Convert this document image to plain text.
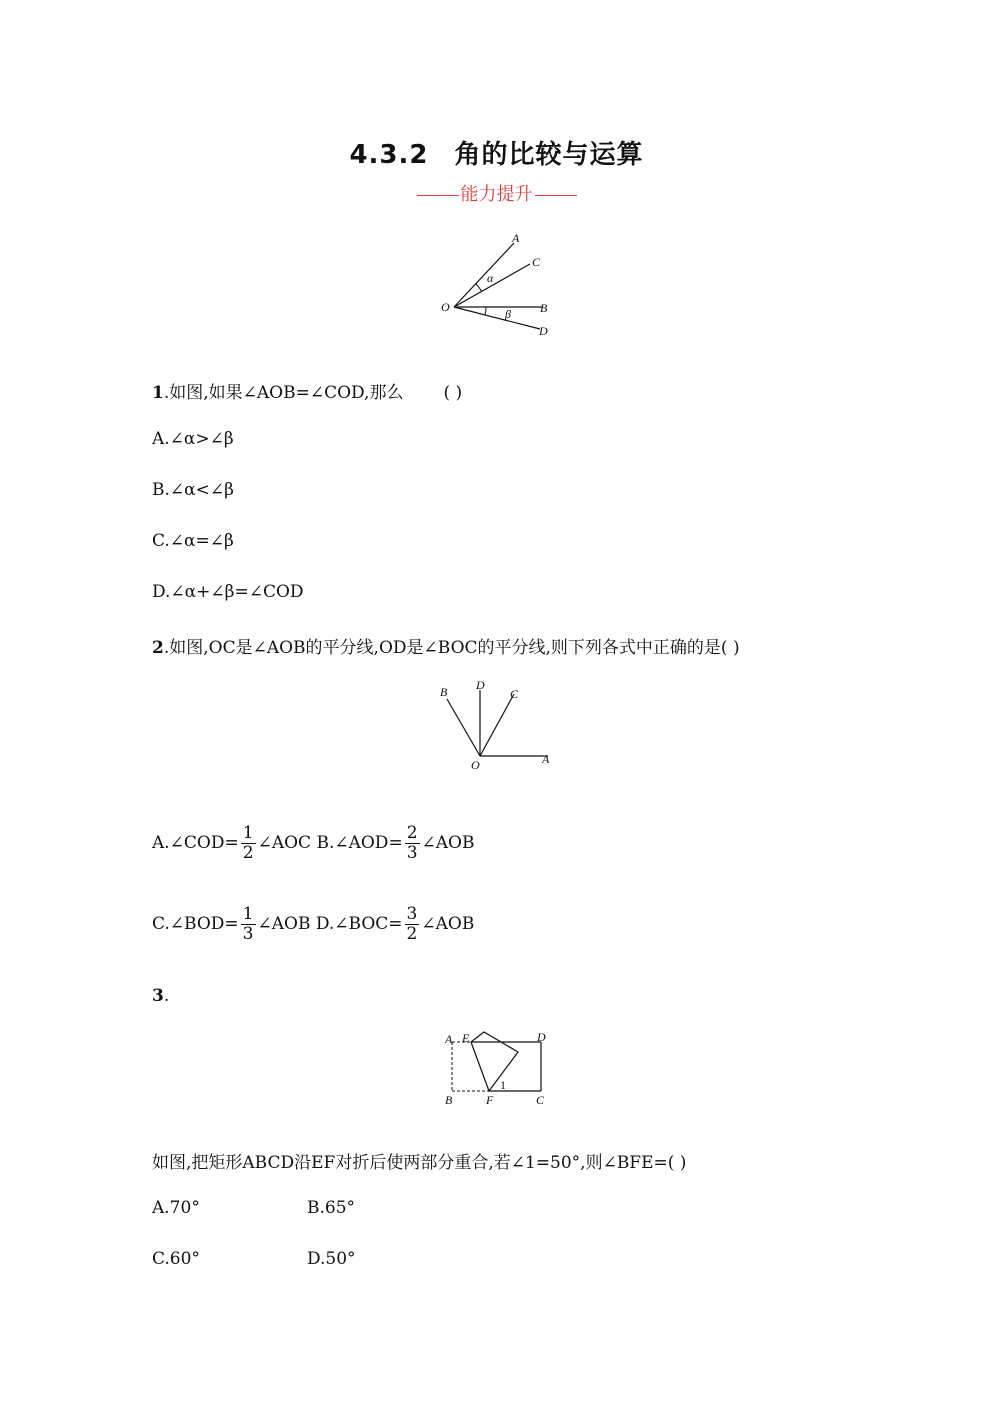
4.3.2 角的比较与运算
能力提升
A
C
O	B
D
α
β
1.如图,如果∠AOB=∠COD,那么 ( )
A.∠α>∠β
B.∠α<∠β
C.∠α=∠β
D.∠α+∠β=∠COD
2.如图,OC是∠AOB的平分线,OD是∠BOC的平分线,则下列各式中正确的是( )
B D
C
O	A
A.∠COD= $\frac{1}{2}$ ∠AOC B.∠AOD= $\frac{2}{3}$ ∠AOB
C.∠BOD= $\frac{1}{3}$ ∠AOB D.∠BOC= $\frac{3}{2}$ ∠AOB
3.
A E	D
B	F	C
1
如图,把矩形ABCD沿EF对折后使两部分重合,若∠1=50°,则∠BFE=( )
A.70°	B.65°
C.60°	D.50°
